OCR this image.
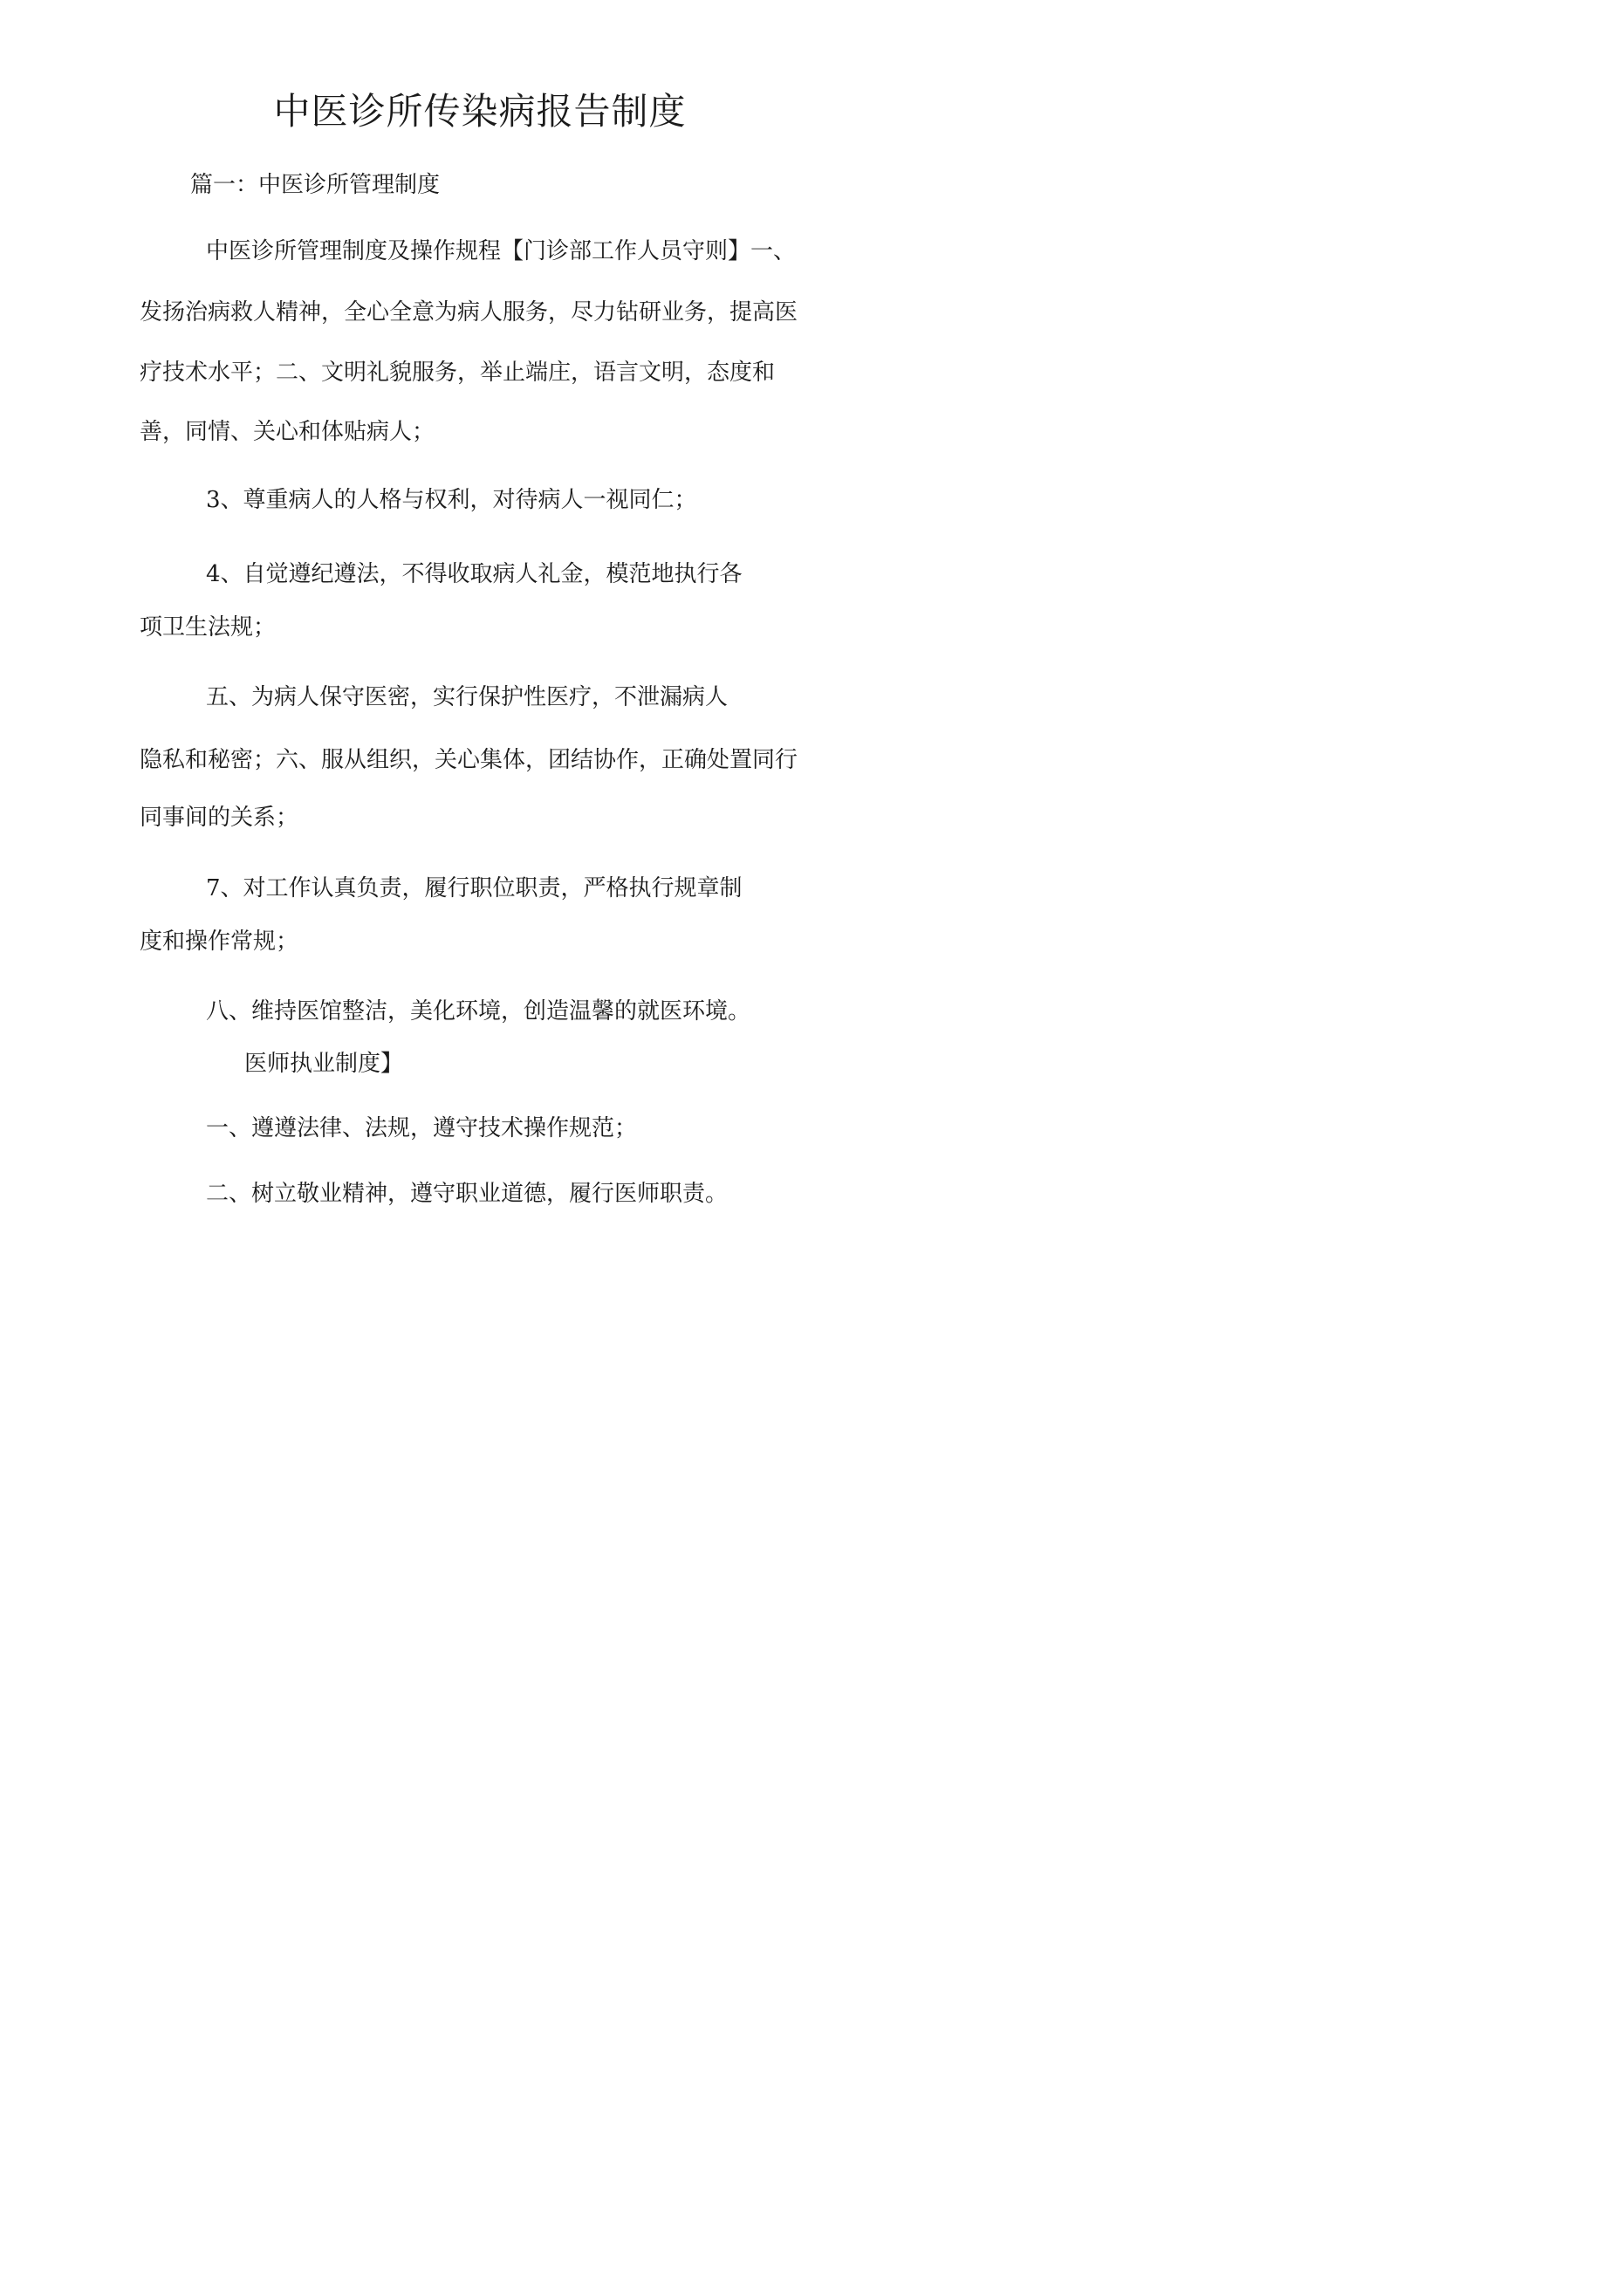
中医诊所传染病报告制度
篇一：中医诊所管理制度
中医诊所管理制度及操作规程【门诊部工作人员守则】一、
发扬治病救人精神，全心全意为病人服务，尽力钻研业务，提高医
疗技术水平；二、文明礼貌服务，举止端庄，语言文明，态度和
善，同情、关心和体贴病人；
3、尊重病人的人格与权利，对待病人一视同仁；
4、自觉遵纪遵法，不得收取病人礼金，模范地执行各
项卫生法规；
五、为病人保守医密，实行保护性医疗，不泄漏病人
隐私和秘密；六、服从组织，关心集体，团结协作，正确处置同行
同事间的关系；
7、对工作认真负责，履行职位职责，严格执行规章制
度和操作常规；
八、维持医馆整洁，美化环境，创造温馨的就医环境。
医师执业制度】
一、遵遵法律、法规，遵守技术操作规范；
二、树立敬业精神，遵守职业道德，履行医师职责。
